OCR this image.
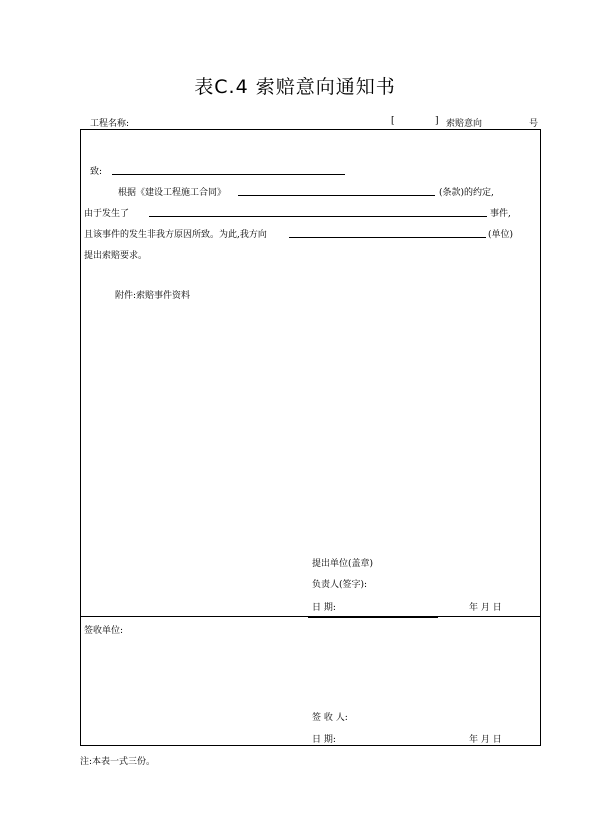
表C.4 索赔意向通知书
工程名称:	[	] 索赔意向	号
致:
根据《建设工程施工合同》	(条款)的约定,
由于发生了	事件,
且该事件的发生非我方原因所致。为此,我方向	(单位)
提出索赔要求。
附件:索赔事件资料
提出单位(盖章)
负责人(签字):
日 期:	年 月 日
签收单位:
签 收 人:
日 期:	年 月 日
注:本表一式三份。
